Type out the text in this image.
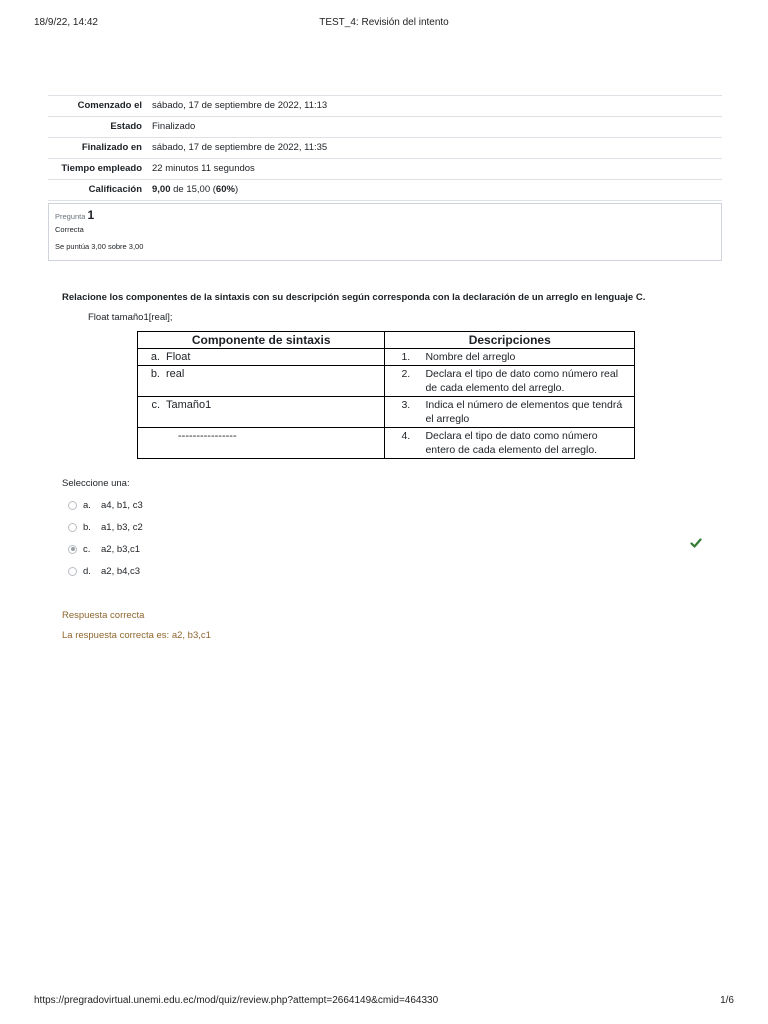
18/9/22, 14:42	TEST_4: Revisión del intento
Comenzado el	sábado, 17 de septiembre de 2022, 11:13
Estado	Finalizado
Finalizado en	sábado, 17 de septiembre de 2022, 11:35
Tiempo empleado	22 minutos 11 segundos
Calificación	9,00 de 15,00 (60%)
Pregunta 1
Correcta
Se puntúa 3,00 sobre 3,00
Relacione los componentes de la sintaxis con su descripción según corresponda con la declaración de un arreglo en lenguaje C.
Float tamaño1[real];
Componente de sintaxis	Descripciones

a. Float	1. Nombre del arreglo

b. real	2. Declara el tipo de dato como número real de cada elemento del arreglo.

c. Tamaño1	3. Indica el número de elementos que tendrá el arreglo

----------------	4. Declara el tipo de dato como número entero de cada elemento del arreglo.
Seleccione una:
a.	a4, b1, c3
b.	a1, b3, c2
c.	a2, b3,c1
d.	a2, b4,c3
Respuesta correcta
La respuesta correcta es: a2, b3,c1
https://pregradovirtual.unemi.edu.ec/mod/quiz/review.php?attempt=2664149&cmid=464330	1/6
